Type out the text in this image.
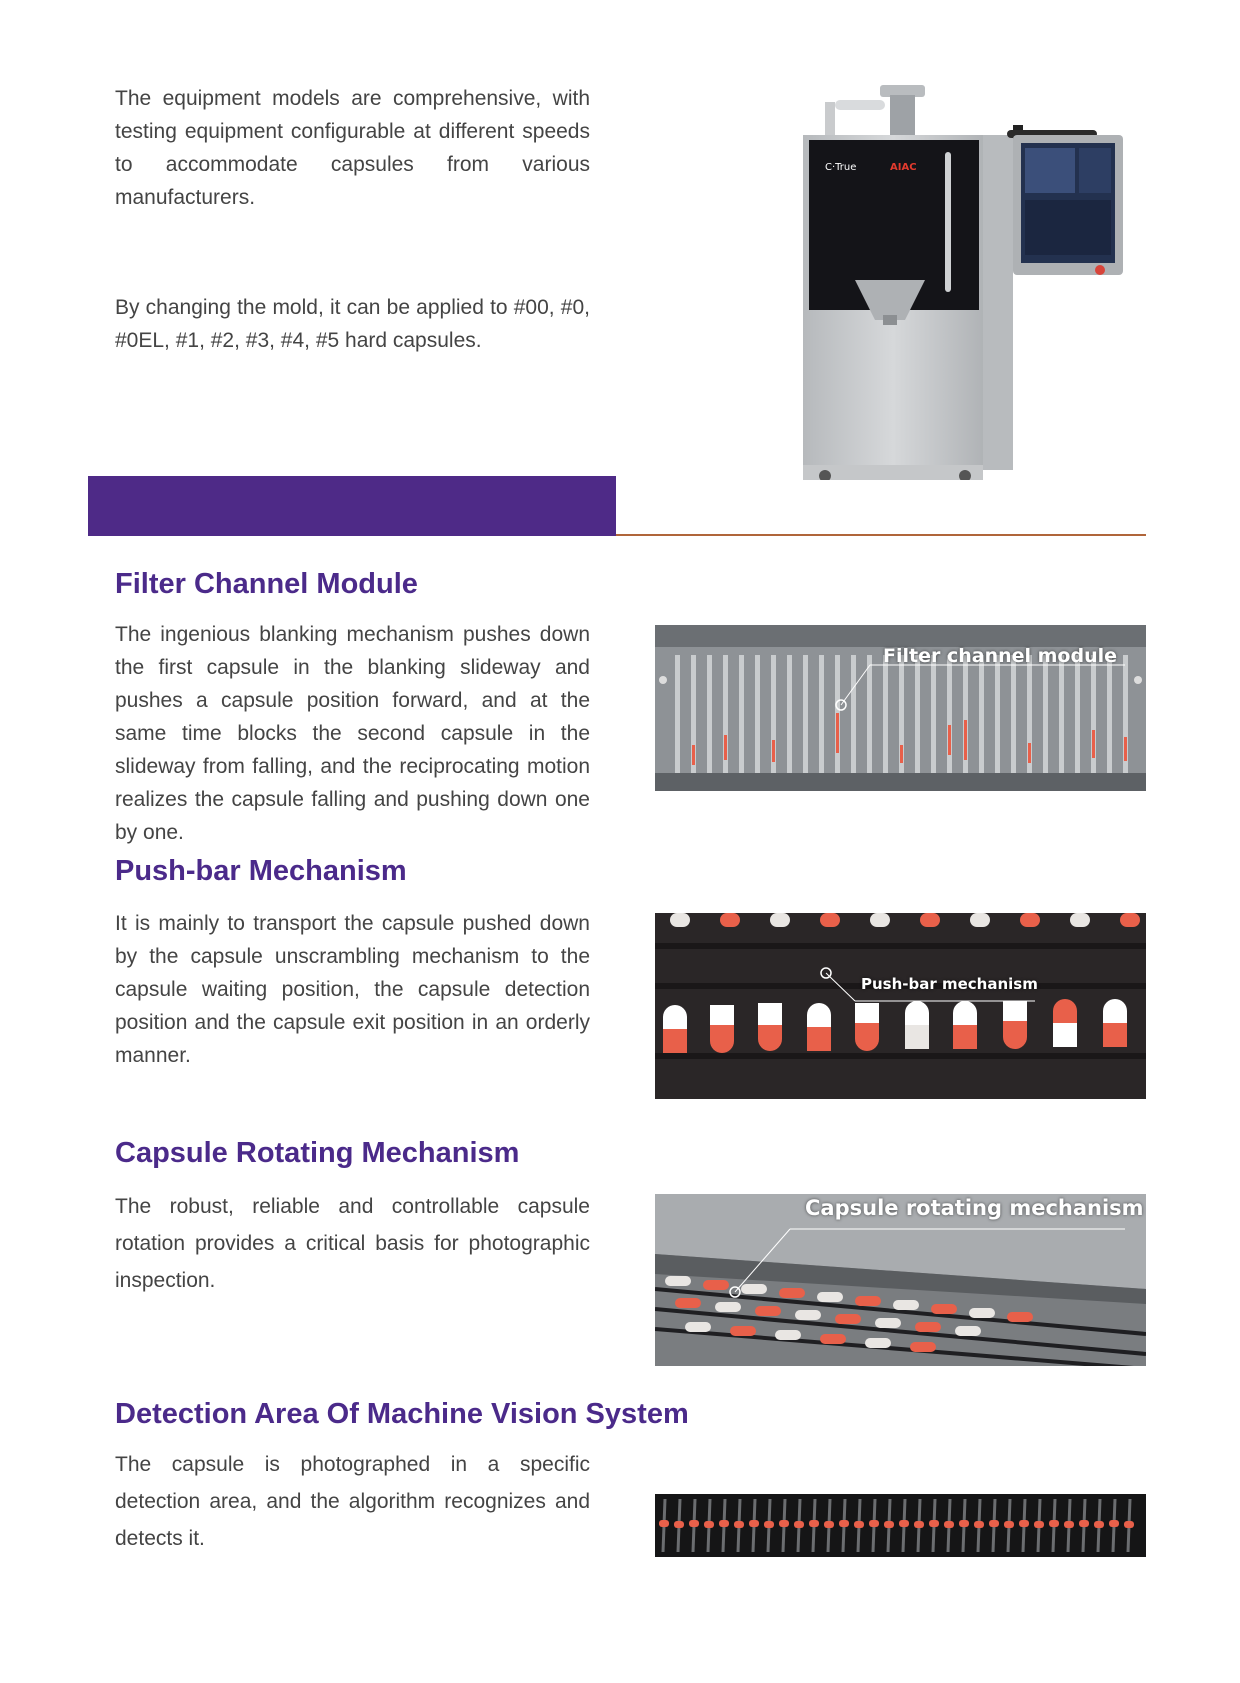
The equipment models are comprehensive, with testing equipment configurable at different speeds to accommodate capsules from various manufacturers.

By changing the mold, it can be applied to #00, #0, #0EL, #1, #2, #3, #4, #5 hard capsules.

C·True	AIAC
Filter Channel Module

The ingenious blanking mechanism pushes down the first capsule in the blanking slideway and pushes a capsule position forward, and at the same time blocks the second capsule in the slideway from falling, and the reciprocating motion realizes the capsule falling and pushing down one by one.

Filter channel module
Push-bar Mechanism

It is mainly to transport the capsule pushed down by the capsule unscrambling mechanism to the capsule waiting position, the capsule detection position and the capsule exit position in an orderly manner.

Push-bar mechanism
Capsule Rotating Mechanism

The robust, reliable and controllable capsule rotation provides a critical basis for photographic inspection.

Capsule rotating mechanism
Detection Area Of Machine Vision System

The capsule is photographed in a specific detection area, and the algorithm recognizes and detects it.
